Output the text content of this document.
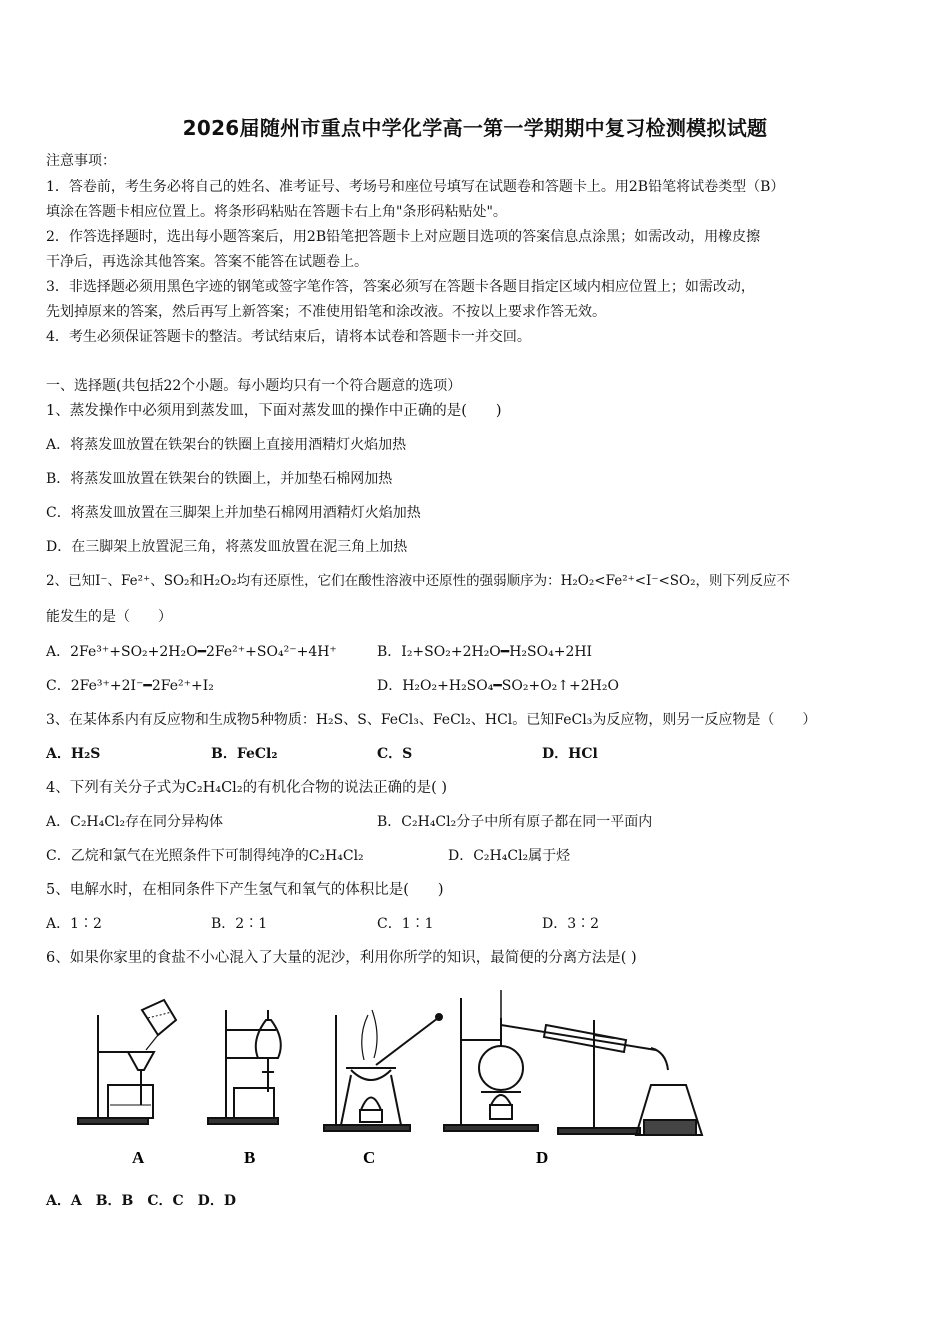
2026届随州市重点中学化学高一第一学期期中复习检测模拟试题
注意事项：
1．答卷前，考生务必将自己的姓名、准考证号、考场号和座位号填写在试题卷和答题卡上。用2B铅笔将试卷类型（B）
填涂在答题卡相应位置上。将条形码粘贴在答题卡右上角"条形码粘贴处"。
2．作答选择题时，选出每小题答案后，用2B铅笔把答题卡上对应题目选项的答案信息点涂黑；如需改动，用橡皮擦
干净后，再选涂其他答案。答案不能答在试题卷上。
3．非选择题必须用黑色字迹的钢笔或签字笔作答，答案必须写在答题卡各题目指定区域内相应位置上；如需改动，
先划掉原来的答案，然后再写上新答案；不准使用铅笔和涂改液。不按以上要求作答无效。
4．考生必须保证答题卡的整洁。考试结束后，请将本试卷和答题卡一并交回。
一、选择题(共包括22个小题。每小题均只有一个符合题意的选项）
1、蒸发操作中必须用到蒸发皿，下面对蒸发皿的操作中正确的是(　　)
A．将蒸发皿放置在铁架台的铁圈上直接用酒精灯火焰加热
B．将蒸发皿放置在铁架台的铁圈上，并加垫石棉网加热
C．将蒸发皿放置在三脚架上并加垫石棉网用酒精灯火焰加热
D．在三脚架上放置泥三角，将蒸发皿放置在泥三角上加热
2、已知I⁻、Fe²⁺、SO₂和H₂O₂均有还原性，它们在酸性溶液中还原性的强弱顺序为：H₂O₂<Fe²⁺<I⁻<SO₂，则下列反应不
能发生的是（　　）
A．2Fe³⁺+SO₂+2H₂O━2Fe²⁺+SO₄²⁻+4H⁺	B．I₂+SO₂+2H₂O━H₂SO₄+2HI
C．2Fe³⁺+2I⁻━2Fe²⁺+I₂	D．H₂O₂+H₂SO₄━SO₂+O₂↑+2H₂O
3、在某体系内有反应物和生成物5种物质：H₂S、S、FeCl₃、FeCl₂、HCl。已知FeCl₃为反应物，则另一反应物是（　　）
A．H₂S	B．FeCl₂	C．S	D．HCl
4、下列有关分子式为C₂H₄Cl₂的有机化合物的说法正确的是( )
A．C₂H₄Cl₂存在同分异构体	B．C₂H₄Cl₂分子中所有原子都在同一平面内
C．乙烷和氯气在光照条件下可制得纯净的C₂H₄Cl₂	D．C₂H₄Cl₂属于烃
5、电解水时，在相同条件下产生氢气和氧气的体积比是(　　)
A．1∶2	B．2∶1	C．1∶1	D．3∶2
6、如果你家里的食盐不小心混入了大量的泥沙，利用你所学的知识，最简便的分离方法是( )
A	B	C	D
A．A　B．B　C．C　D．D
